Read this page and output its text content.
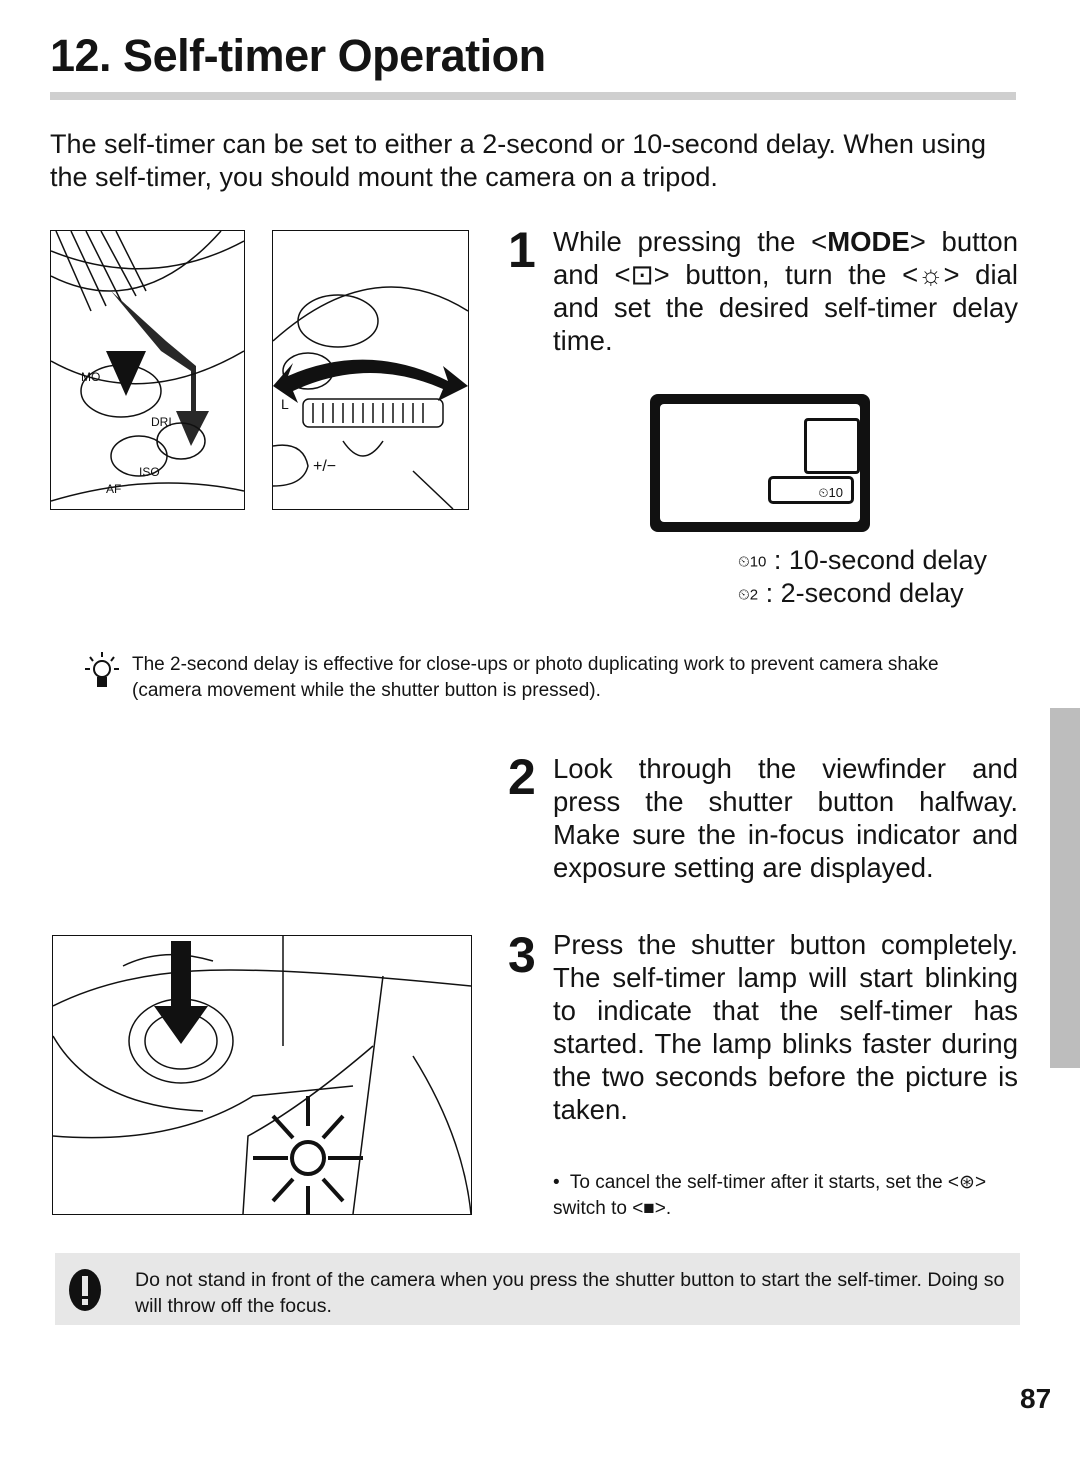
12. Self-timer Operation

The self-timer can be set to either a 2-second or 10-second delay. When using the self-timer, you should mount the camera on a tripod.

MO
DRI
ISO
AF
L
+/−
1 While pressing the <MODE> button and <⊡> button, turn the <☼> dial and set the desired self-timer delay time.

⏲10
⏲10 : 10-second delay
⏲2 : 2-second delay

The 2-second delay is effective for close-ups or photo duplicating work to prevent camera shake (camera movement while the shutter button is pressed).

2 Look through the viewfinder and press the shutter button halfway. Make sure the in-focus indicator and exposure setting are displayed.

3 Press the shutter button completely. The self-timer lamp will start blinking to indicate that the self-timer has started. The lamp blinks faster during the two seconds before the picture is taken.

• To cancel the self-timer after it starts, set the <⊛> switch to <■>.

Do not stand in front of the camera when you press the shutter button to start the self-timer. Doing so will throw off the focus.

87
